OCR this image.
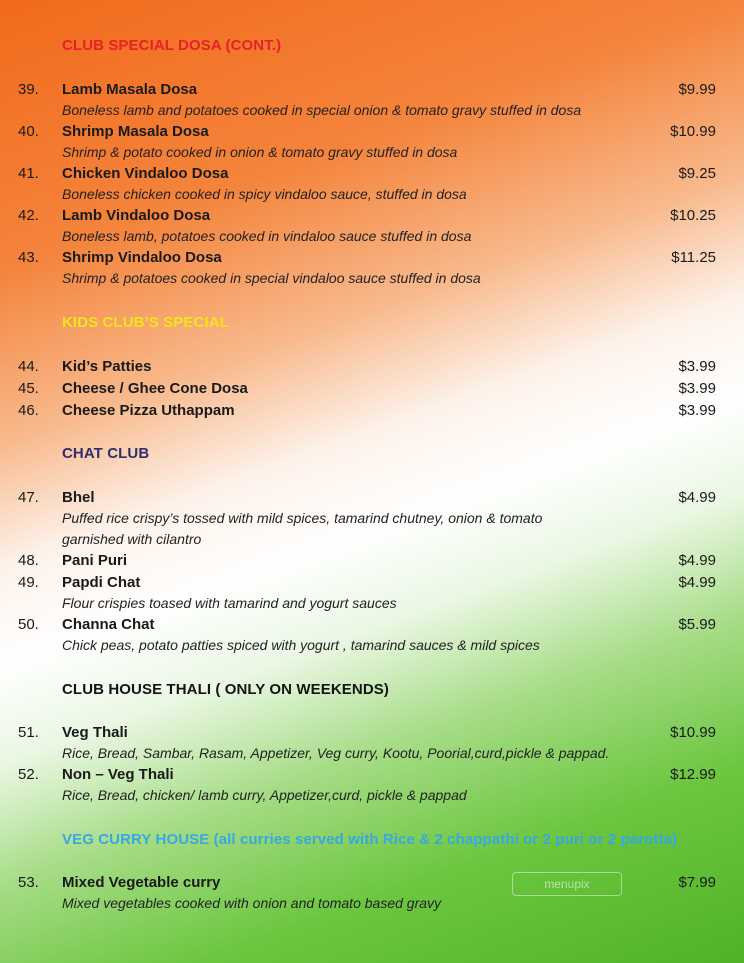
CLUB SPECIAL DOSA (CONT.)
39. Lamb Masala Dosa	$9.99
Boneless lamb and potatoes cooked in special onion & tomato gravy stuffed in dosa
40. Shrimp Masala Dosa	$10.99
Shrimp & potato cooked in onion & tomato gravy stuffed in dosa
41. Chicken Vindaloo Dosa	$9.25
Boneless chicken cooked in spicy vindaloo sauce, stuffed in dosa
42. Lamb Vindaloo Dosa	$10.25
Boneless lamb, potatoes cooked in vindaloo sauce stuffed in dosa
43. Shrimp Vindaloo Dosa	$11.25
Shrimp & potatoes cooked in special vindaloo sauce stuffed in dosa
KIDS CLUB’S SPECIAL
44. Kid’s Patties	$3.99
45. Cheese / Ghee Cone Dosa	$3.99
46. Cheese Pizza Uthappam	$3.99
CHAT CLUB
47. Bhel	$4.99
Puffed rice crispy’s tossed with mild spices, tamarind chutney, onion & tomato
garnished with cilantro
48. Pani Puri	$4.99
49. Papdi Chat	$4.99
Flour crispies toased with tamarind and yogurt sauces
50. Channa Chat	$5.99
Chick peas, potato patties spiced with yogurt , tamarind sauces & mild spices
CLUB HOUSE THALI ( ONLY ON WEEKENDS)
51. Veg Thali	$10.99
Rice, Bread, Sambar, Rasam, Appetizer, Veg curry, Kootu, Poorial,curd,pickle & pappad.
52. Non – Veg Thali	$12.99
Rice, Bread, chicken/ lamb curry, Appetizer,curd, pickle & pappad
VEG CURRY HOUSE (all curries served with Rice & 2 chappathi or 2 puri or 2 parotta)
53. Mixed Vegetable curry	$7.99
Mixed vegetables cooked with onion and tomato based gravy
menupix
